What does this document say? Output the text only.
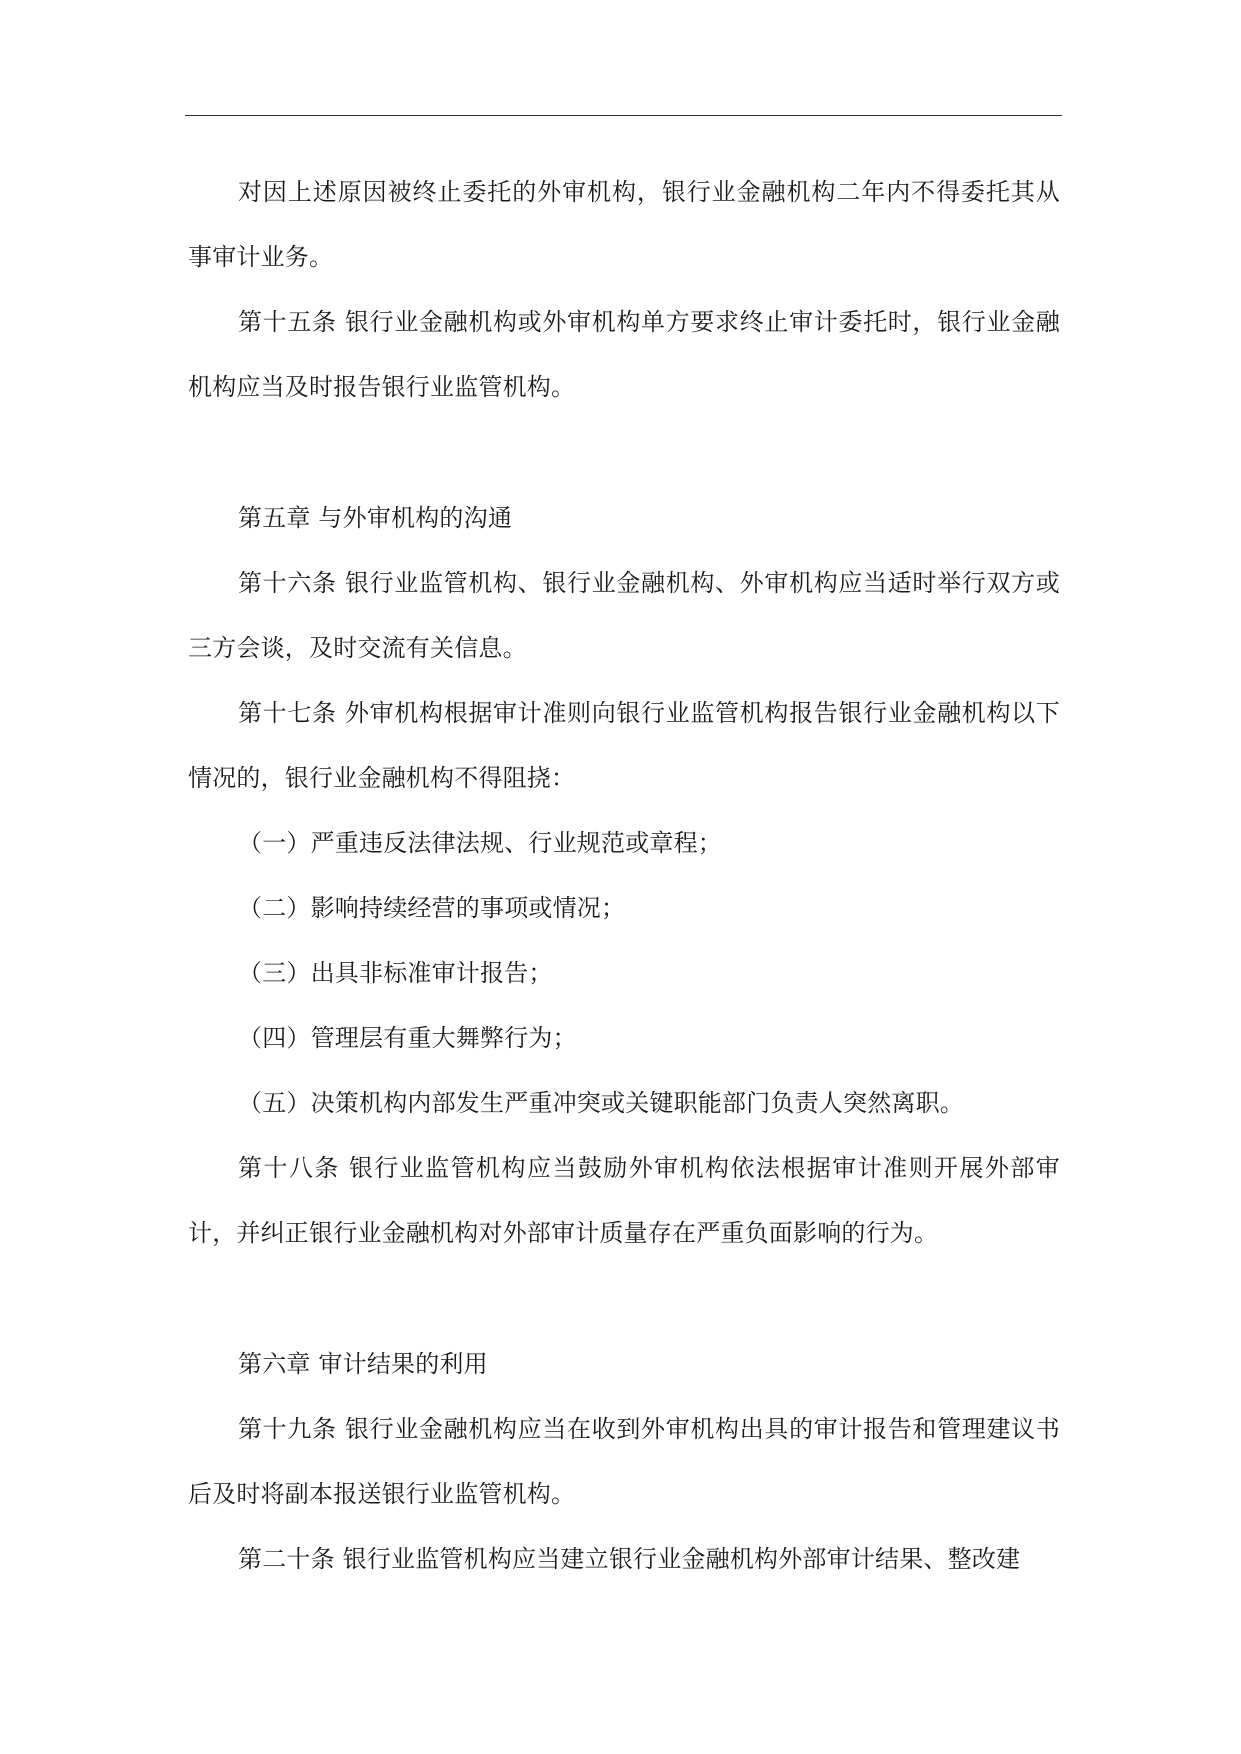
对因上述原因被终止委托的外审机构，银行业金融机构二年内不得委托其从事审计业务。

第十五条 银行业金融机构或外审机构单方要求终止审计委托时，银行业金融机构应当及时报告银行业监管机构。

第五章 与外审机构的沟通

第十六条 银行业监管机构、银行业金融机构、外审机构应当适时举行双方或三方会谈，及时交流有关信息。

第十七条 外审机构根据审计准则向银行业监管机构报告银行业金融机构以下情况的，银行业金融机构不得阻挠：

（一）严重违反法律法规、行业规范或章程；

（二）影响持续经营的事项或情况；

（三）出具非标准审计报告；

（四）管理层有重大舞弊行为；

（五）决策机构内部发生严重冲突或关键职能部门负责人突然离职。

第十八条 银行业监管机构应当鼓励外审机构依法根据审计准则开展外部审计，并纠正银行业金融机构对外部审计质量存在严重负面影响的行为。

第六章 审计结果的利用

第十九条 银行业金融机构应当在收到外审机构出具的审计报告和管理建议书后及时将副本报送银行业监管机构。

第二十条 银行业监管机构应当建立银行业金融机构外部审计结果、整改建
